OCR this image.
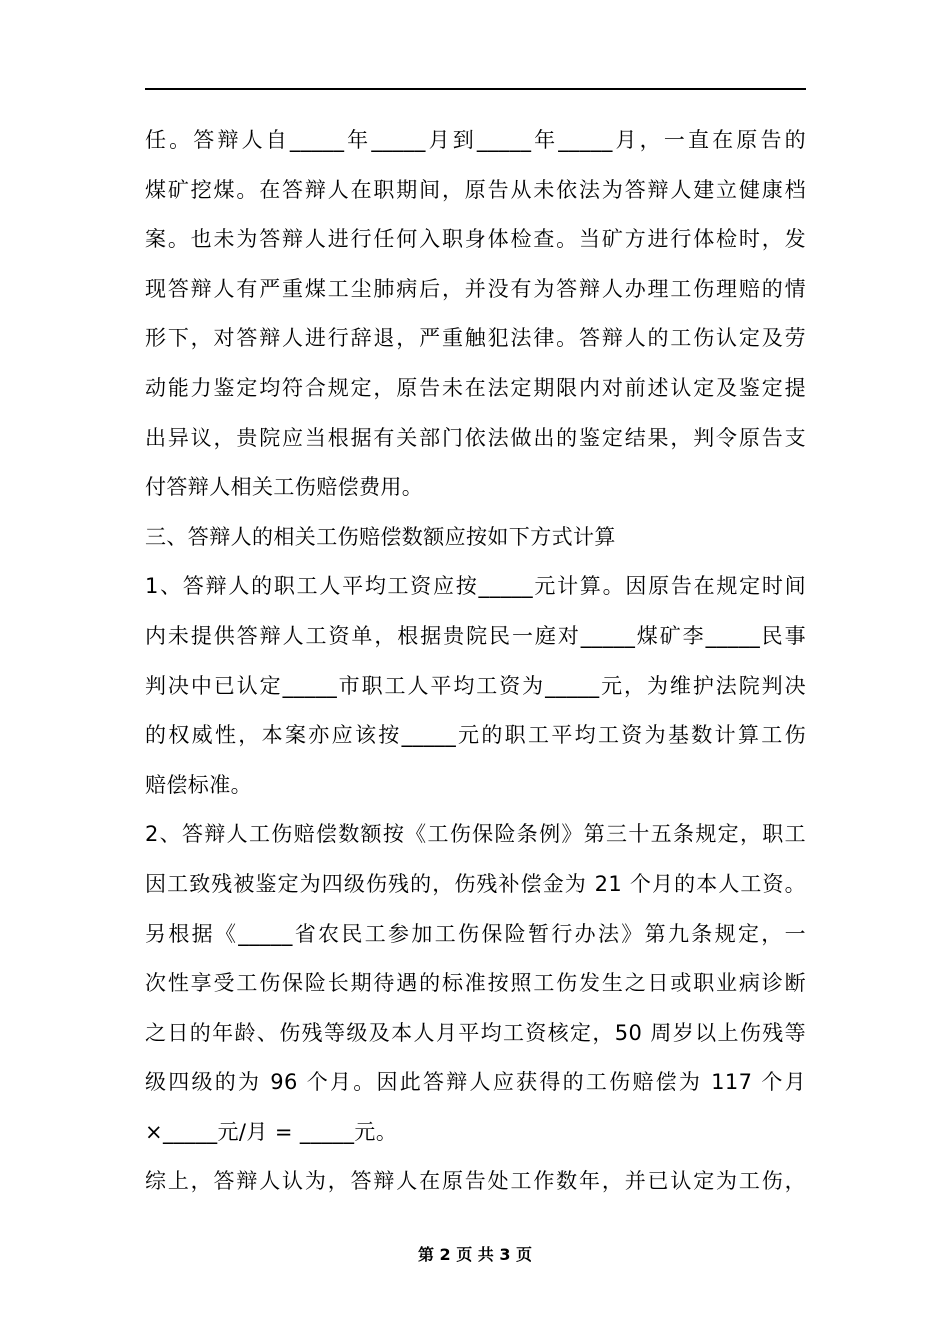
任。答辩人自_____年_____月到_____年_____月，一直在原告的
煤矿挖煤。在答辩人在职期间，原告从未依法为答辩人建立健康档
案。也未为答辩人进行任何入职身体检查。当矿方进行体检时，发
现答辩人有严重煤工尘肺病后，并没有为答辩人办理工伤理赔的情
形下，对答辩人进行辞退，严重触犯法律。答辩人的工伤认定及劳
动能力鉴定均符合规定，原告未在法定期限内对前述认定及鉴定提
出异议，贵院应当根据有关部门依法做出的鉴定结果，判令原告支
付答辩人相关工伤赔偿费用。
三、答辩人的相关工伤赔偿数额应按如下方式计算
1、答辩人的职工人平均工资应按_____元计算。因原告在规定时间
内未提供答辩人工资单，根据贵院民一庭对_____煤矿李_____民事
判决中已认定_____市职工人平均工资为_____元，为维护法院判决
的权威性，本案亦应该按_____元的职工平均工资为基数计算工伤
赔偿标准。
2、答辩人工伤赔偿数额按《工伤保险条例》第三十五条规定，职工
因工致残被鉴定为四级伤残的，伤残补偿金为 21 个月的本人工资。
另根据《_____省农民工参加工伤保险暂行办法》第九条规定，一
次性享受工伤保险长期待遇的标准按照工伤发生之日或职业病诊断
之日的年龄、伤残等级及本人月平均工资核定，50 周岁以上伤残等
级四级的为 96 个月。因此答辩人应获得的工伤赔偿为 117 个月
×_____元/月 = _____元。
综上，答辩人认为，答辩人在原告处工作数年，并已认定为工伤，
第 2 页 共 3 页
